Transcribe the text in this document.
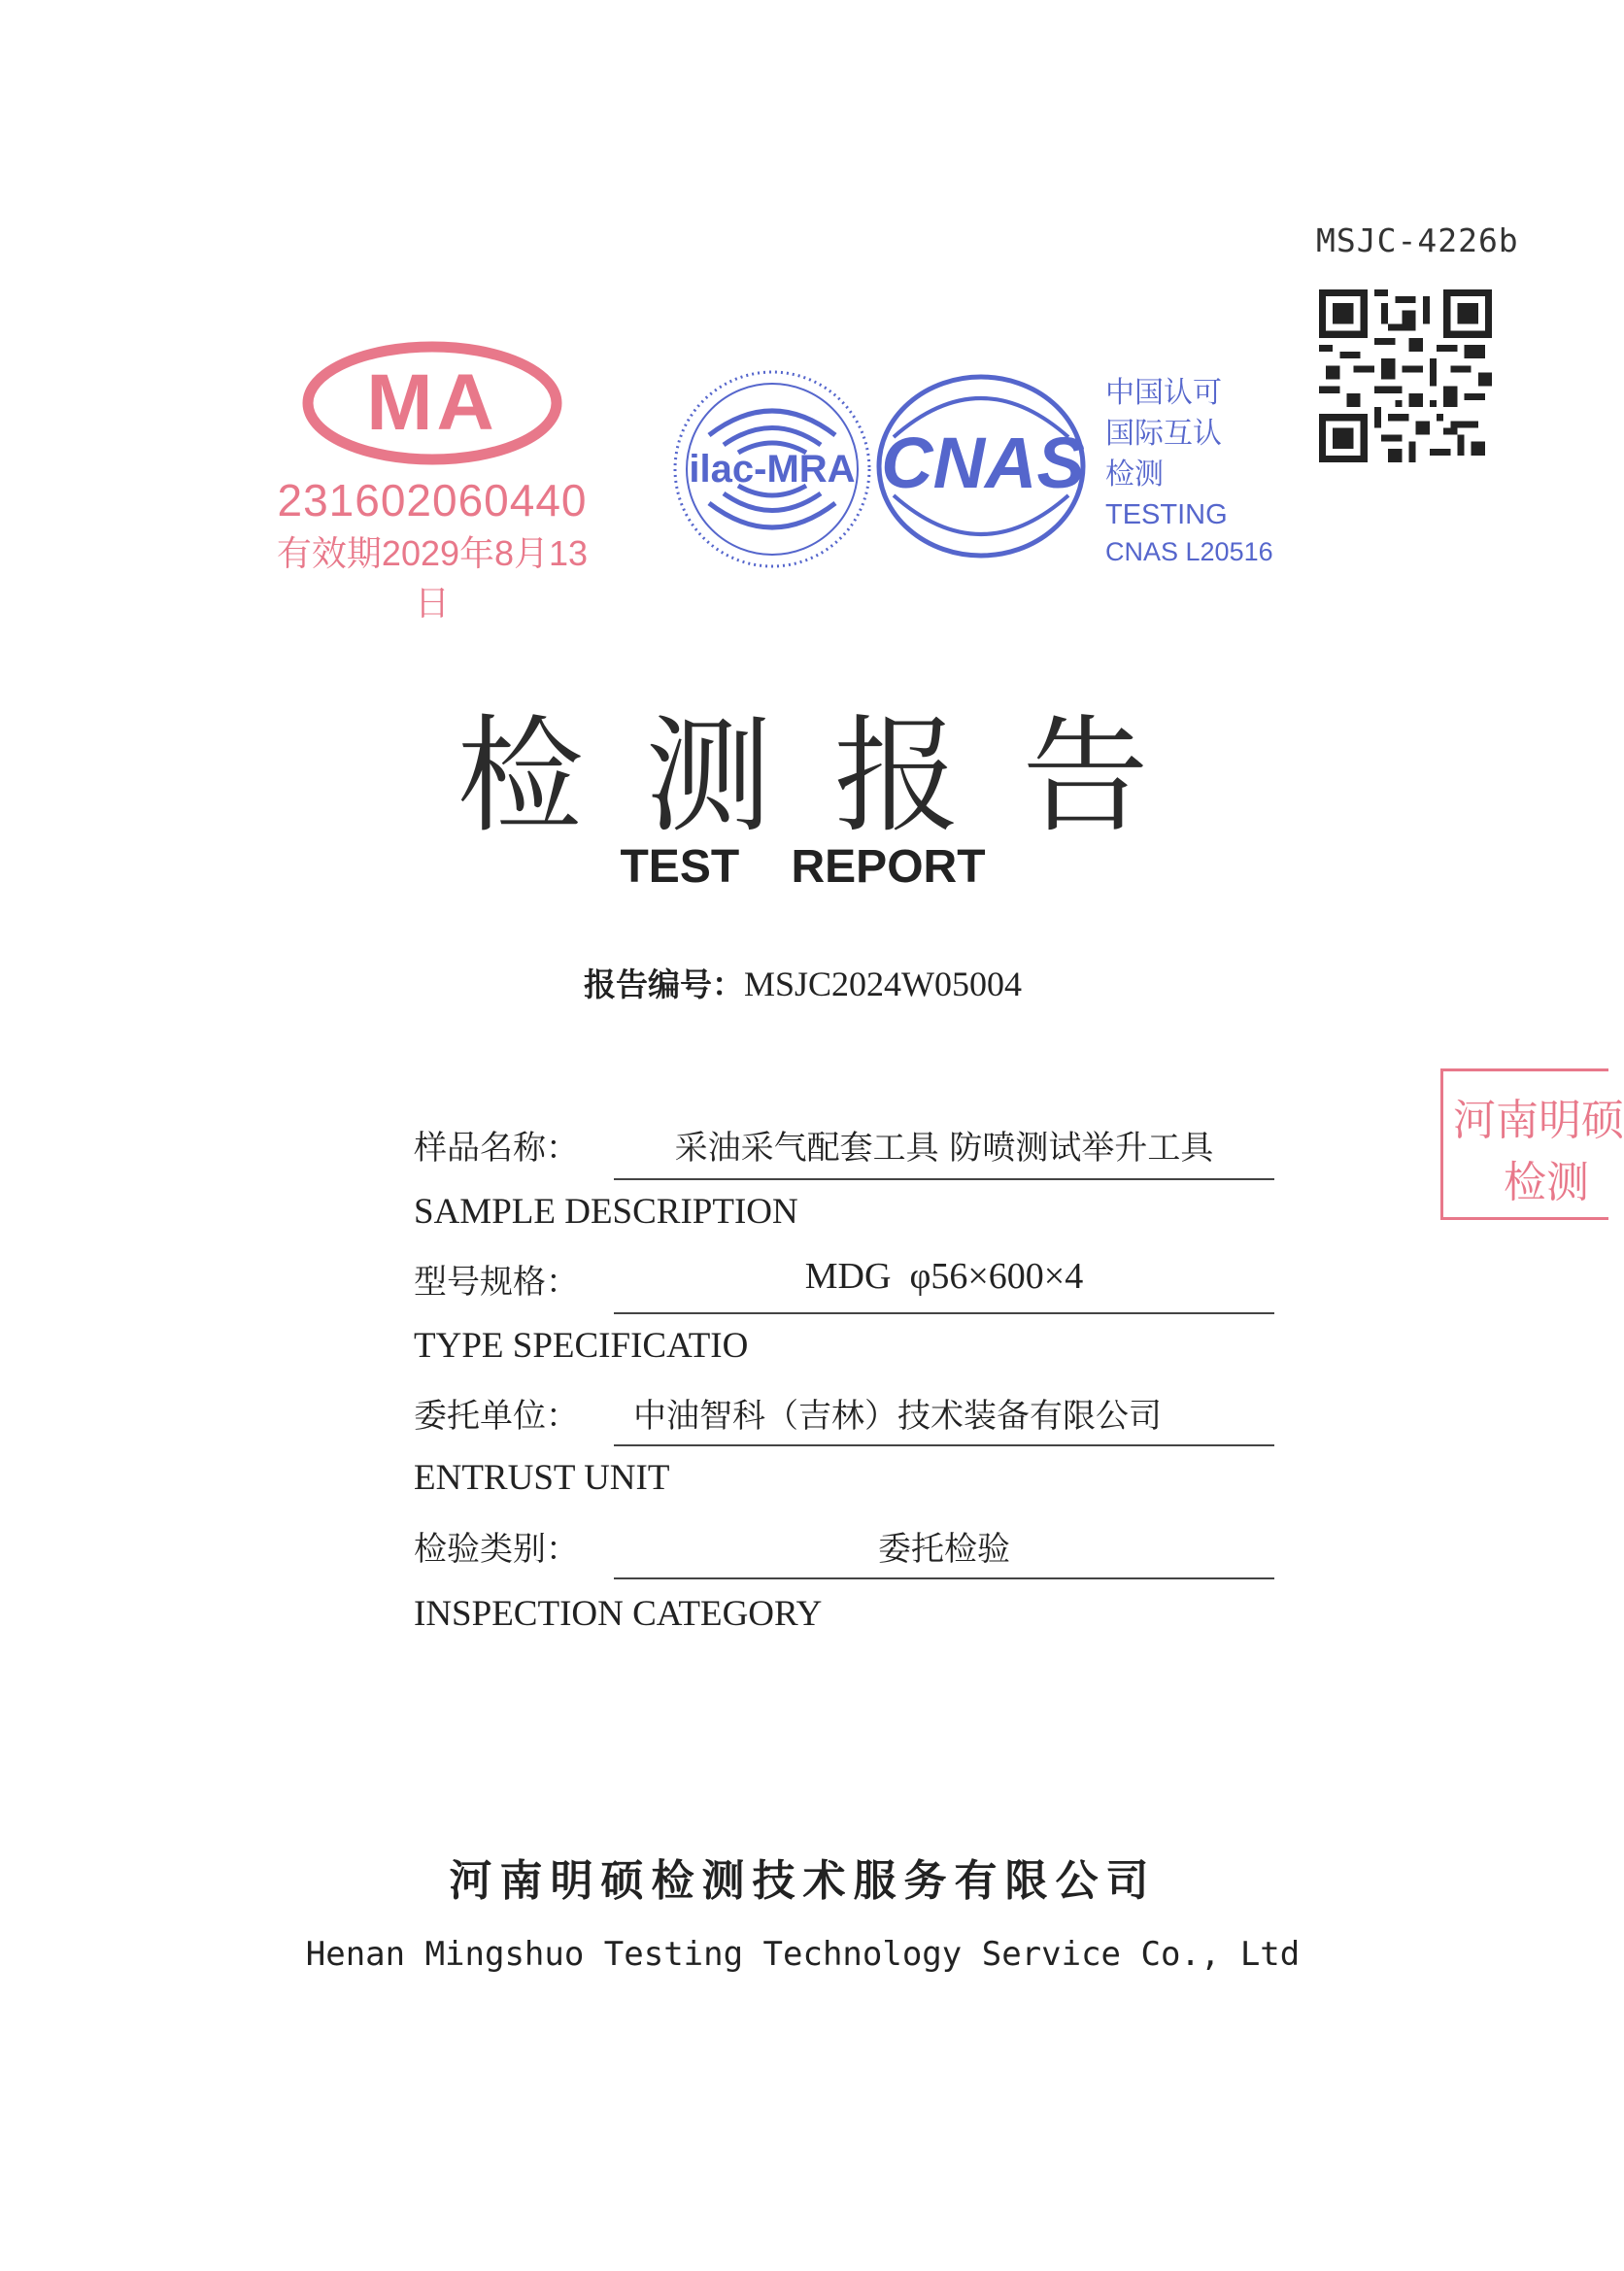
MSJC-4226b
MA
231602060440
有效期2029年8月13日
ilac-MRA CNAS
中国认可
国际互认
检测
TESTING
CNAS L20516
检测报告
TEST REPORT
报告编号：MSJC2024W05004
河南明硕
检测
样品名称：	采油采气配套工具 防喷测试举升工具
SAMPLE DESCRIPTION
型号规格：	MDG  φ56×600×4
TYPE SPECIFICATIO
委托单位： 中油智科（吉林）技术装备有限公司
ENTRUST UNIT
检验类别：	委托检验
INSPECTION CATEGORY
河南明硕检测技术服务有限公司
Henan Mingshuo Testing Technology Service Co., Ltd
